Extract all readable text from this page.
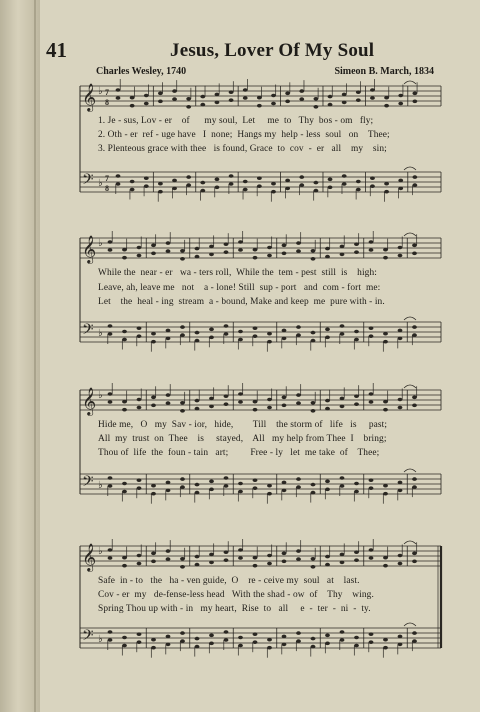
41	Jesus, Lover Of My Soul
Charles Wesley, 1740	Simeon B. March, 1834
𝄞
𝄢
♭
♭
7
8
7
8
𝄞
𝄢
♭
♭
𝄞
𝄢
♭
♭
𝄞
𝄢
♭
♭
1. Je - sus, Lov - er    of      my soul,  Let     me  to   Thy  bos - om   fly;
2. Oth - er  ref - uge have   I  none;  Hangs my  help - less  soul   on    Thee;
3. Plenteous grace with thee   is found, Grace  to  cov  -  er   all    my    sin;
While the  near - er   wa - ters roll,  While the  tem - pest  still  is    high:
Leave, ah, leave me   not    a - lone! Still  sup - port   and  com - fort  me:
Let    the  heal - ing  stream  a - bound, Make and keep  me  pure with - in.
Hide me,   O   my  Sav - ior,   hide,        Till    the storm of   life   is     past;
All  my  trust  on  Thee    is     stayed,    All   my help from Thee  I    bring;
Thou of  life  the  foun - tain   art;         Free - ly   let  me take  of    Thee;
Safe  in - to   the   ha - ven guide,  O    re - ceive my  soul   at    last.
Cov - er  my   de-fense-less head   With the shad - ow  of    Thy    wing.
Spring Thou up with - in   my heart,  Rise  to   all     e  -  ter  -  ni  -  ty.
